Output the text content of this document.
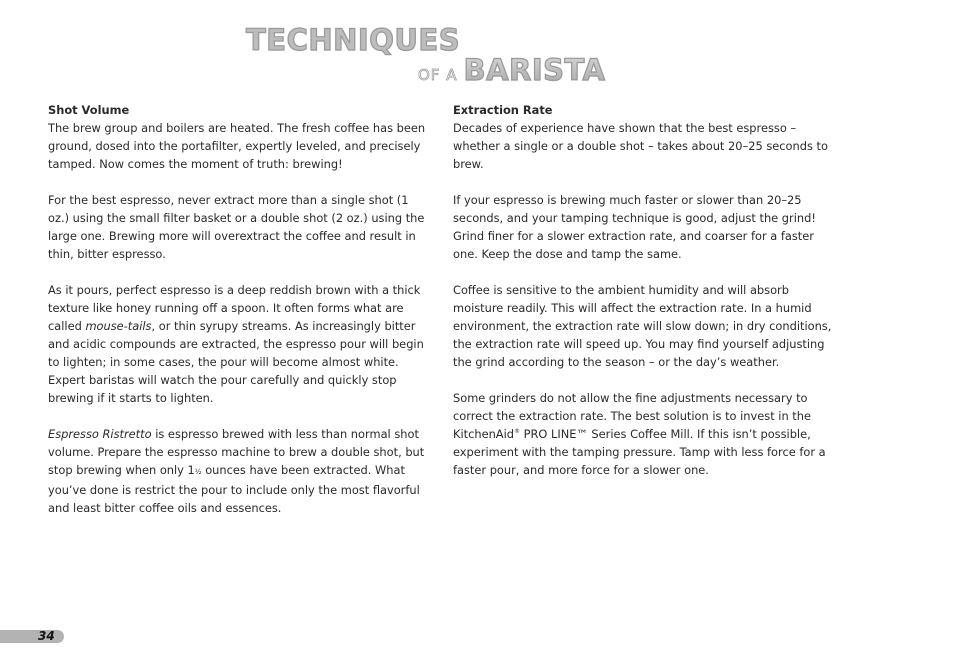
TECHNIQUES
OF A BARISTA
Shot Volume

The brew group and boilers are heated. The fresh coffee has been ground, dosed into the portafilter, expertly leveled, and precisely tamped. Now comes the moment of truth: brewing!

For the best espresso, never extract more than a single shot (1 oz.) using the small filter basket or a double shot (2 oz.) using the large one. Brewing more will overextract the coffee and result in thin, bitter espresso.

As it pours, perfect espresso is a deep reddish brown with a thick texture like honey running off a spoon. It often forms what are called mouse-tails, or thin syrupy streams. As increasingly bitter and acidic compounds are extracted, the espresso pour will begin to lighten; in some cases, the pour will become almost white. Expert baristas will watch the pour carefully and quickly stop brewing if it starts to lighten.

Espresso Ristretto is espresso brewed with less than normal shot volume. Prepare the espresso machine to brew a double shot, but stop brewing when only 1½ ounces have been extracted. What you’ve done is restrict the pour to include only the most flavorful and least bitter coffee oils and essences.

Extraction Rate

Decades of experience have shown that the best espresso – whether a single or a double shot – takes about 20–25 seconds to brew.

If your espresso is brewing much faster or slower than 20–25 seconds, and your tamping technique is good, adjust the grind! Grind finer for a slower extraction rate, and coarser for a faster one. Keep the dose and tamp the same.

Coffee is sensitive to the ambient humidity and will absorb moisture readily. This will affect the extraction rate. In a humid environment, the extraction rate will slow down; in dry conditions, the extraction rate will speed up. You may find yourself adjusting the grind according to the season – or the day’s weather.

Some grinders do not allow the fine adjustments necessary to correct the extraction rate. The best solution is to invest in the KitchenAid® PRO LINE™ Series Coffee Mill. If this isn’t possible, experiment with the tamping pressure. Tamp with less force for a faster pour, and more force for a slower one.

34
